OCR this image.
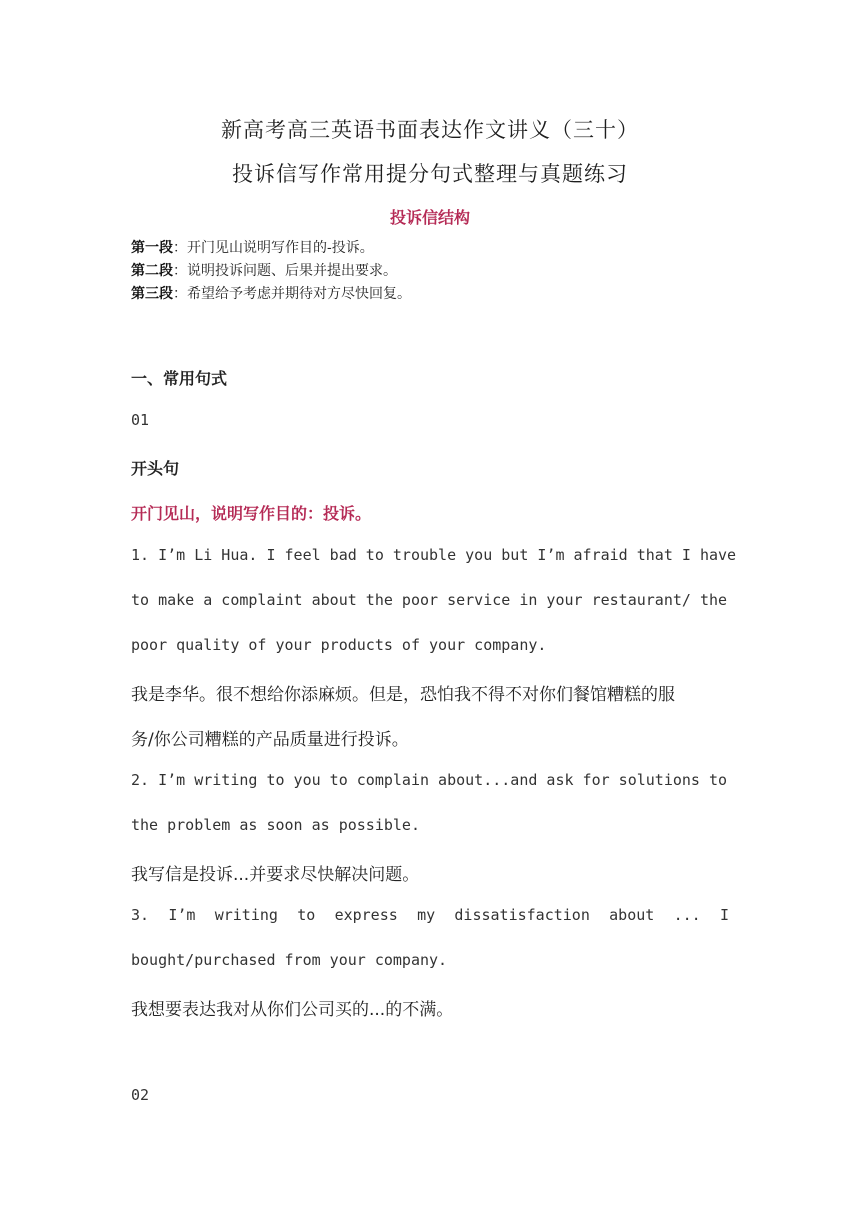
新高考高三英语书面表达作文讲义（三十）
投诉信写作常用提分句式整理与真题练习
投诉信结构
第一段：开门见山说明写作目的-投诉。
第二段：说明投诉问题、后果并提出要求。
第三段：希望给予考虑并期待对方尽快回复。
一、常用句式
01
开头句
开门见山，说明写作目的：投诉。
1. I’m Li Hua. I feel bad to trouble you but I’m afraid that I have
to make a complaint about the poor service in your restaurant/ the
poor quality of your products of your company.
我是李华。很不想给你添麻烦。但是，恐怕我不得不对你们餐馆糟糕的服
务/你公司糟糕的产品质量进行投诉。
2. I’m writing to you to complain about...and ask for solutions to
the problem as soon as possible.
我写信是投诉...并要求尽快解决问题。
3. I’m writing to express my dissatisfaction about ... I
bought/purchased from your company.
我想要表达我对从你们公司买的...的不满。
02
